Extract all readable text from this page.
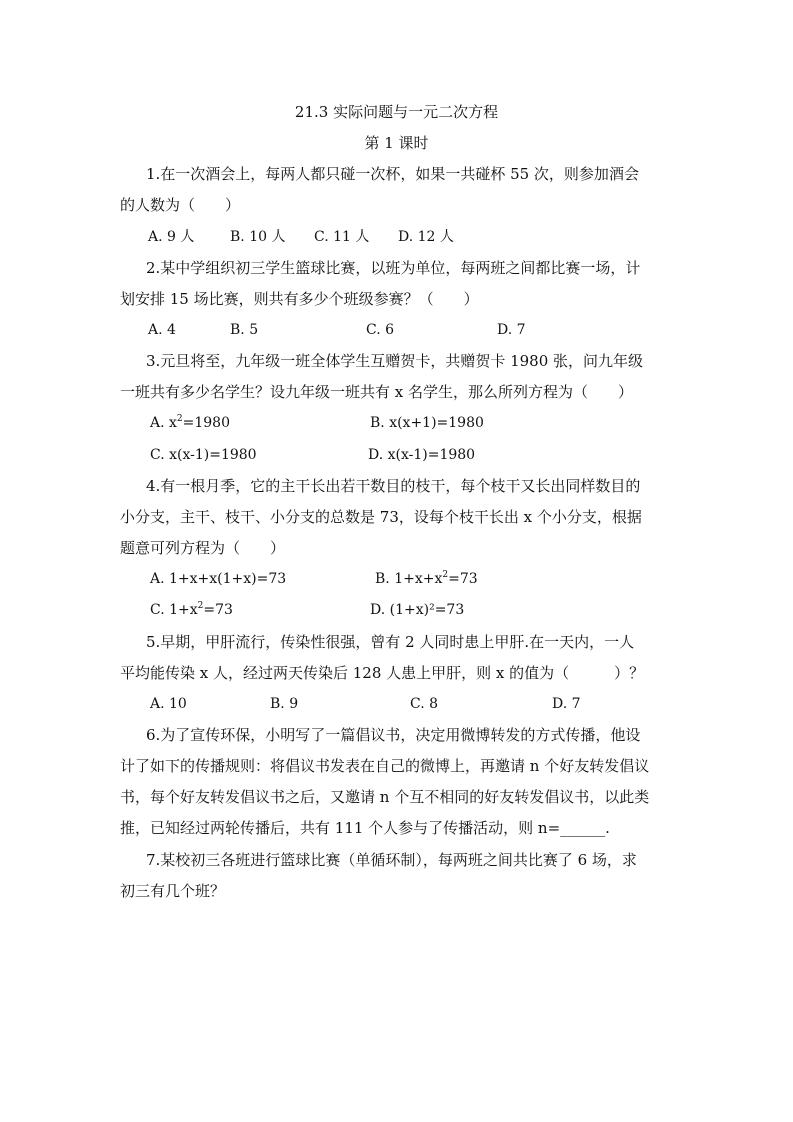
21.3 实际问题与一元二次方程
第 1 课时
1.在一次酒会上，每两人都只碰一次杯，如果一共碰杯 55 次，则参加酒会
的人数为（　　）
A. 9 人	B. 10 人 C. 11 人 D. 12 人
2.某中学组织初三学生篮球比赛，以班为单位，每两班之间都比赛一场，计
划安排 15 场比赛，则共有多少个班级参赛？（　　）
A. 4	B. 5	C. 6	D. 7
3.元旦将至，九年级一班全体学生互赠贺卡，共赠贺卡 1980 张，问九年级
一班共有多少名学生？设九年级一班共有 x 名学生，那么所列方程为（　　）
A. $x^2=1980$	B. x(x+1)=1980
C. x(x-1)=1980	D. x(x-1)=1980
4.有一根月季，它的主干长出若干数目的枝干，每个枝干又长出同样数目的
小分支，主干、枝干、小分支的总数是 73，设每个枝干长出 x 个小分支，根据
题意可列方程为（　　）
A. 1+x+x(1+x)=73	B. $1+x+x^2=73$
C. $1+x^2=73$	D. (1+x)²=73
5.早期，甲肝流行，传染性很强，曾有 2 人同时患上甲肝.在一天内，一人
平均能传染 x 人，经过两天传染后 128 人患上甲肝，则 x 的值为（　　　）？
A. 10	B. 9	C. 8	D. 7
6.为了宣传环保，小明写了一篇倡议书，决定用微博转发的方式传播，他设
计了如下的传播规则：将倡议书发表在自己的微博上，再邀请 n 个好友转发倡议
书，每个好友转发倡议书之后，又邀请 n 个互不相同的好友转发倡议书，以此类
推，已知经过两轮传播后，共有 111 个人参与了传播活动，则 n=______.
7.某校初三各班进行篮球比赛（单循环制），每两班之间共比赛了 6 场，求
初三有几个班？
